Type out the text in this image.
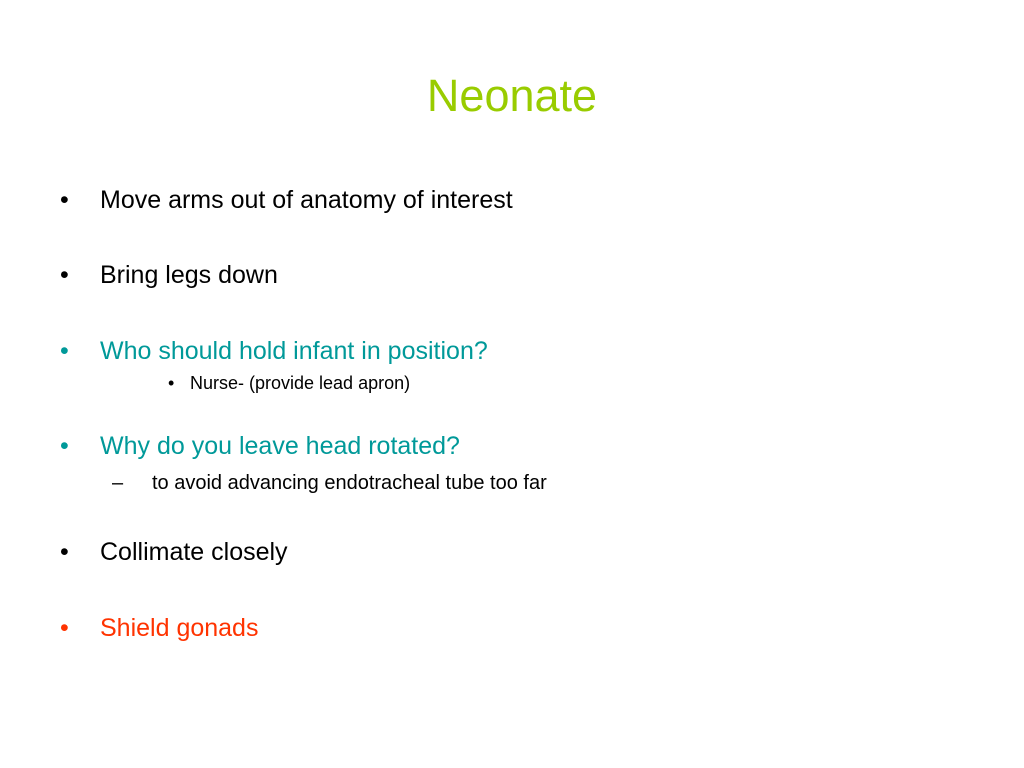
Neonate
• Move arms out of anatomy of interest
• Bring legs down
• Who should hold infant in position?
• Nurse- (provide lead apron)
• Why do you leave head rotated?
– to avoid advancing endotracheal tube too far
• Collimate closely
• Shield gonads
